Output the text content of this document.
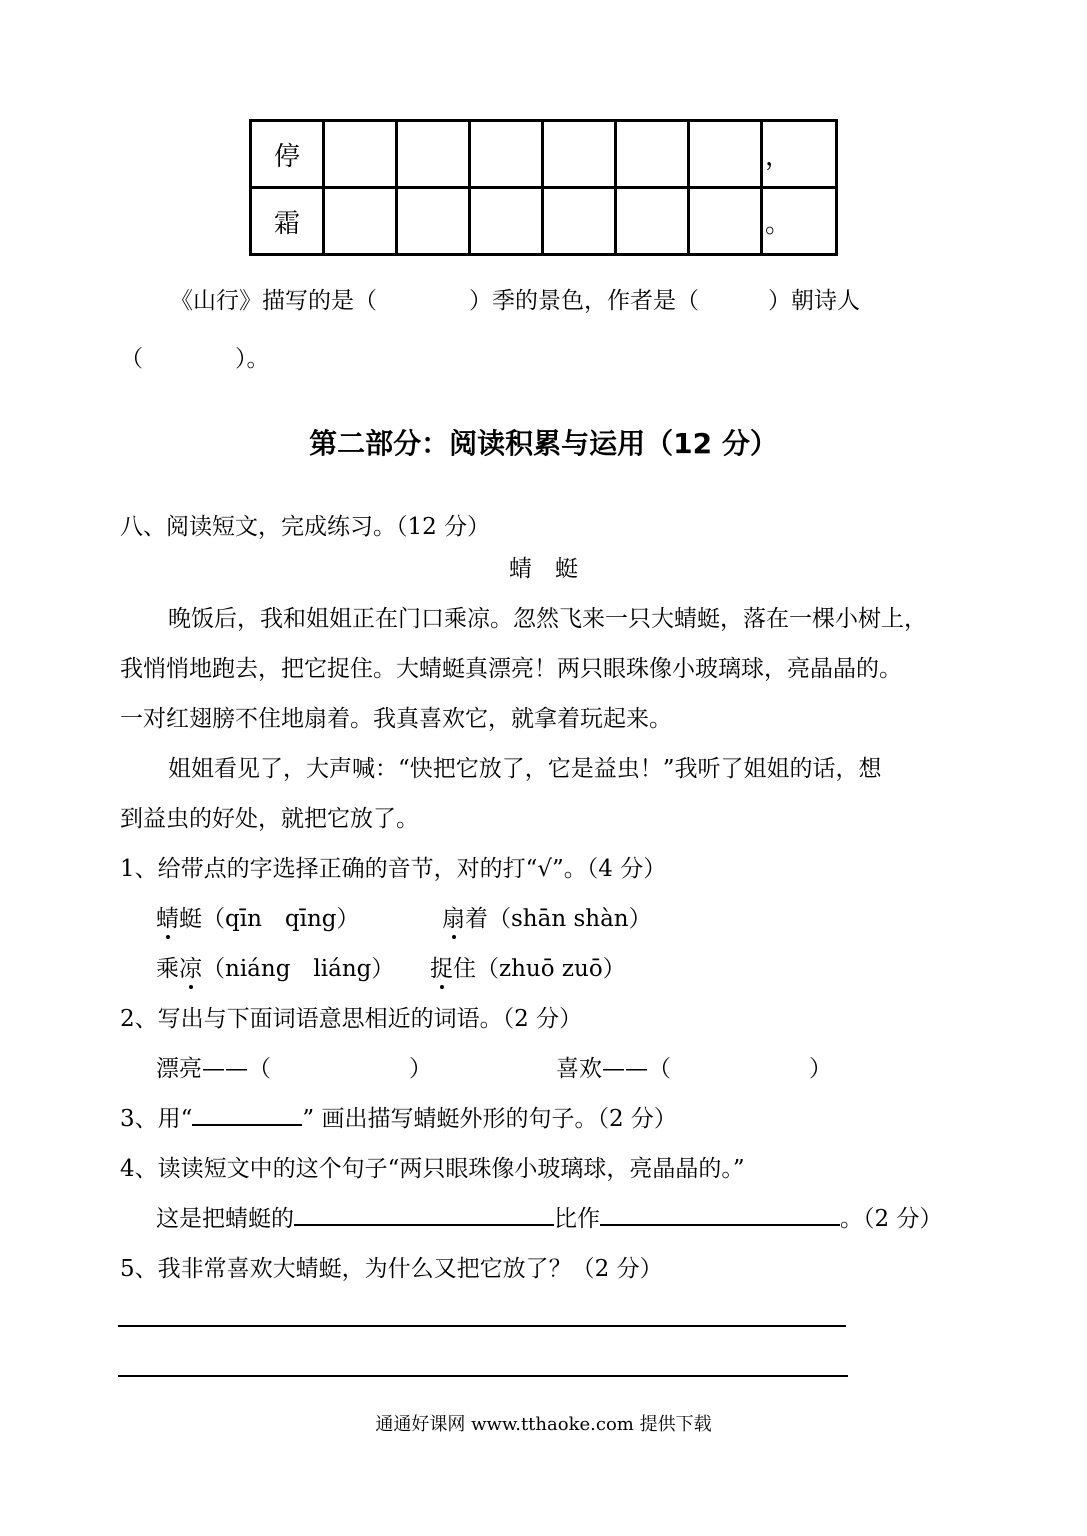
停							，
霜							。
《山行》描写的是（　　　　）季的景色，作者是（　　　）朝诗人
（　　　　）。
第二部分：阅读积累与运用（12 分）
八、阅读短文，完成练习。（12 分）
蜻　蜓
晚饭后，我和姐姐正在门口乘凉。忽然飞来一只大蜻蜓，落在一棵小树上，
我悄悄地跑去，把它捉住。大蜻蜓真漂亮！两只眼珠像小玻璃球，亮晶晶的。
一对红翅膀不住地扇着。我真喜欢它，就拿着玩起来。
姐姐看见了，大声喊：“快把它放了，它是益虫！”我听了姐姐的话，想
到益虫的好处，就把它放了。
1、给带点的字选择正确的音节，对的打“√”。（4 分）
蜻蜓（qīn　qīng）	扇着（shān shàn）
乘凉（niáng　liáng） 捉住（zhuō zuō）
2、写出与下面词语意思相近的词语。（2 分）
漂亮——（　　　　　　）	喜欢——（　　　　　　）
3、用“	” 画出描写蜻蜓外形的句子。（2 分）
4、读读短文中的这个句子“两只眼珠像小玻璃球，亮晶晶的。”
这是把蜻蜓的	比作	。（2 分）
5、我非常喜欢大蜻蜓，为什么又把它放了？（2 分）
通通好课网 www.tthaoke.com 提供下载
